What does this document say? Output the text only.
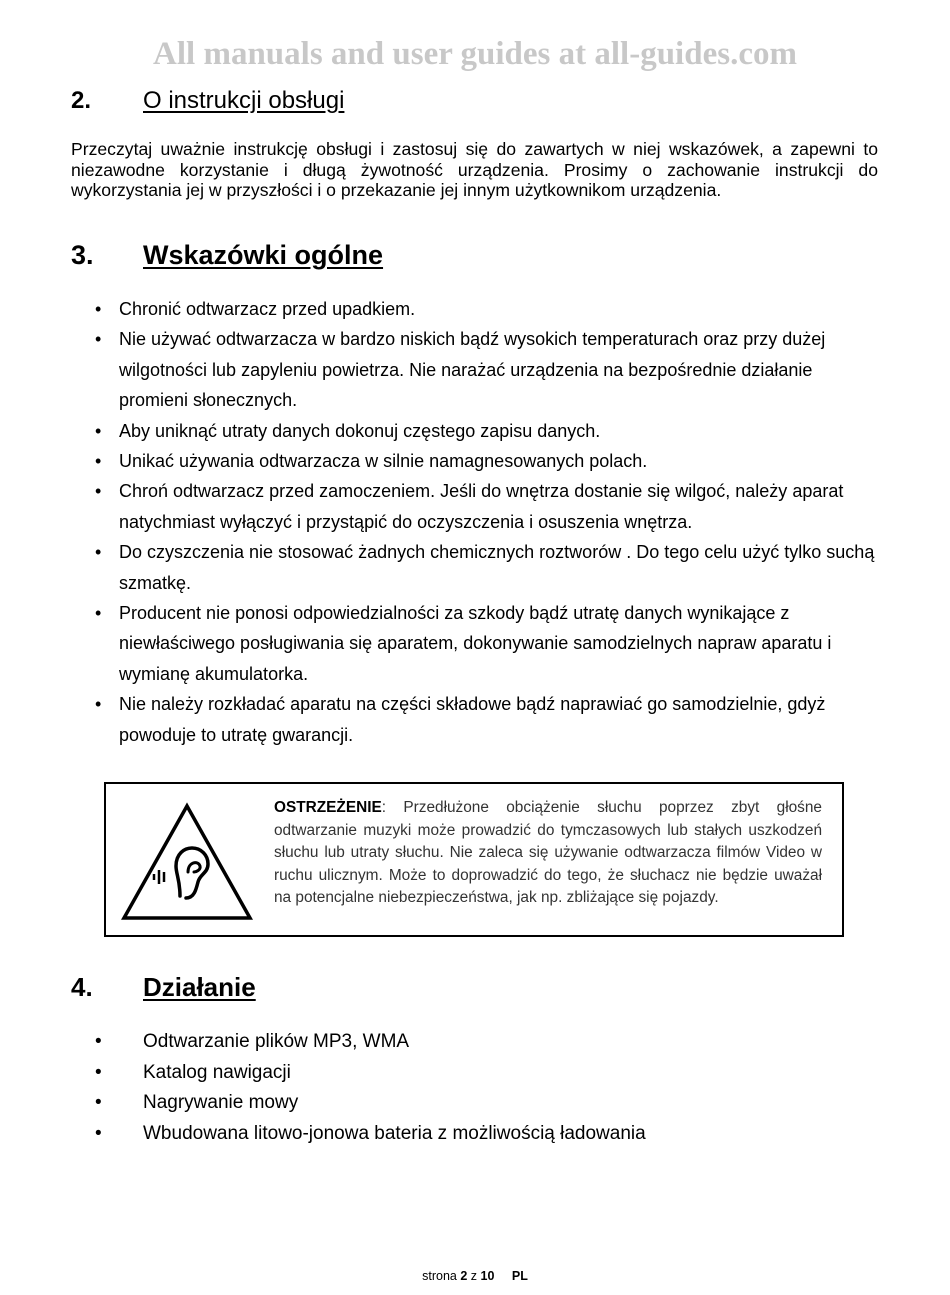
All manuals and user guides at all-guides.com
2.	O instrukcji obsługi

Przeczytaj uważnie instrukcję obsługi i zastosuj się do zawartych w niej wskazówek, a zapewni to niezawodne korzystanie i długą żywotność urządzenia. Prosimy o zachowanie instrukcji do wykorzystania jej w przyszłości i o przekazanie jej innym użytkownikom urządzenia.

3.	Wskazówki ogólne
• Chronić odtwarzacz przed upadkiem.
• Nie używać odtwarzacza w bardzo niskich bądź wysokich temperaturach oraz przy dużej wilgotności lub zapyleniu powietrza. Nie narażać urządzenia na bezpośrednie działanie promieni słonecznych.
• Aby uniknąć utraty danych dokonuj częstego zapisu danych.
• Unikać używania odtwarzacza w silnie namagnesowanych polach.
• Chroń odtwarzacz przed zamoczeniem. Jeśli do wnętrza dostanie się wilgoć, należy aparat natychmiast wyłączyć i przystąpić do oczyszczenia i osuszenia wnętrza.
• Do czyszczenia nie stosować żadnych chemicznych roztworów . Do tego celu użyć tylko suchą szmatkę.
• Producent nie ponosi odpowiedzialności za szkody bądź utratę danych wynikające z niewłaściwego posługiwania się aparatem, dokonywanie samodzielnych napraw aparatu i wymianę akumulatorka.
• Nie należy rozkładać aparatu na części składowe bądź naprawiać go samodzielnie, gdyż powoduje to utratę gwarancji.

OSTRZEŻENIE: Przedłużone obciążenie słuchu poprzez zbyt głośne odtwarzanie muzyki może prowadzić do tymczasowych lub stałych uszkodzeń słuchu lub utraty słuchu. Nie zaleca się używanie odtwarzacza filmów Video w ruchu ulicznym. Może to doprowadzić do tego, że słuchacz nie będzie uważał na potencjalne niebezpieczeństwa, jak np. zbliżające się pojazdy.

4.	Działanie
• Odtwarzanie plików MP3, WMA
• Katalog nawigacji
• Nagrywanie mowy
• Wbudowana litowo-jonowa bateria z możliwością ładowania
strona 2 z 10 PL
